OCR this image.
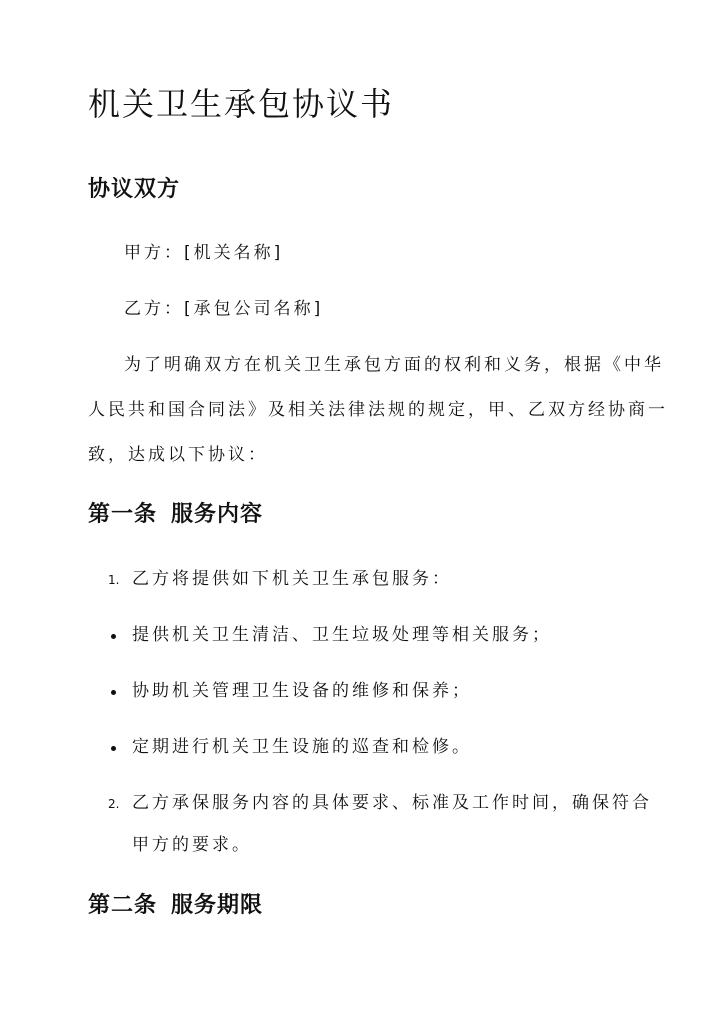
机关卫生承包协议书
协议双方

甲方：[机关名称]

乙方：[承包公司名称]

为了明确双方在机关卫生承包方面的权利和义务，根据《中华

人民共和国合同法》及相关法律法规的规定，甲、乙双方经协商一

致，达成以下协议：

第一条 服务内容
1. 乙方将提供如下机关卫生承包服务：

提供机关卫生清洁、卫生垃圾处理等相关服务；

协助机关管理卫生设备的维修和保养；

定期进行机关卫生设施的巡查和检修。

2. 乙方承保服务内容的具体要求、标准及工作时间，确保符合

甲方的要求。

第二条 服务期限
